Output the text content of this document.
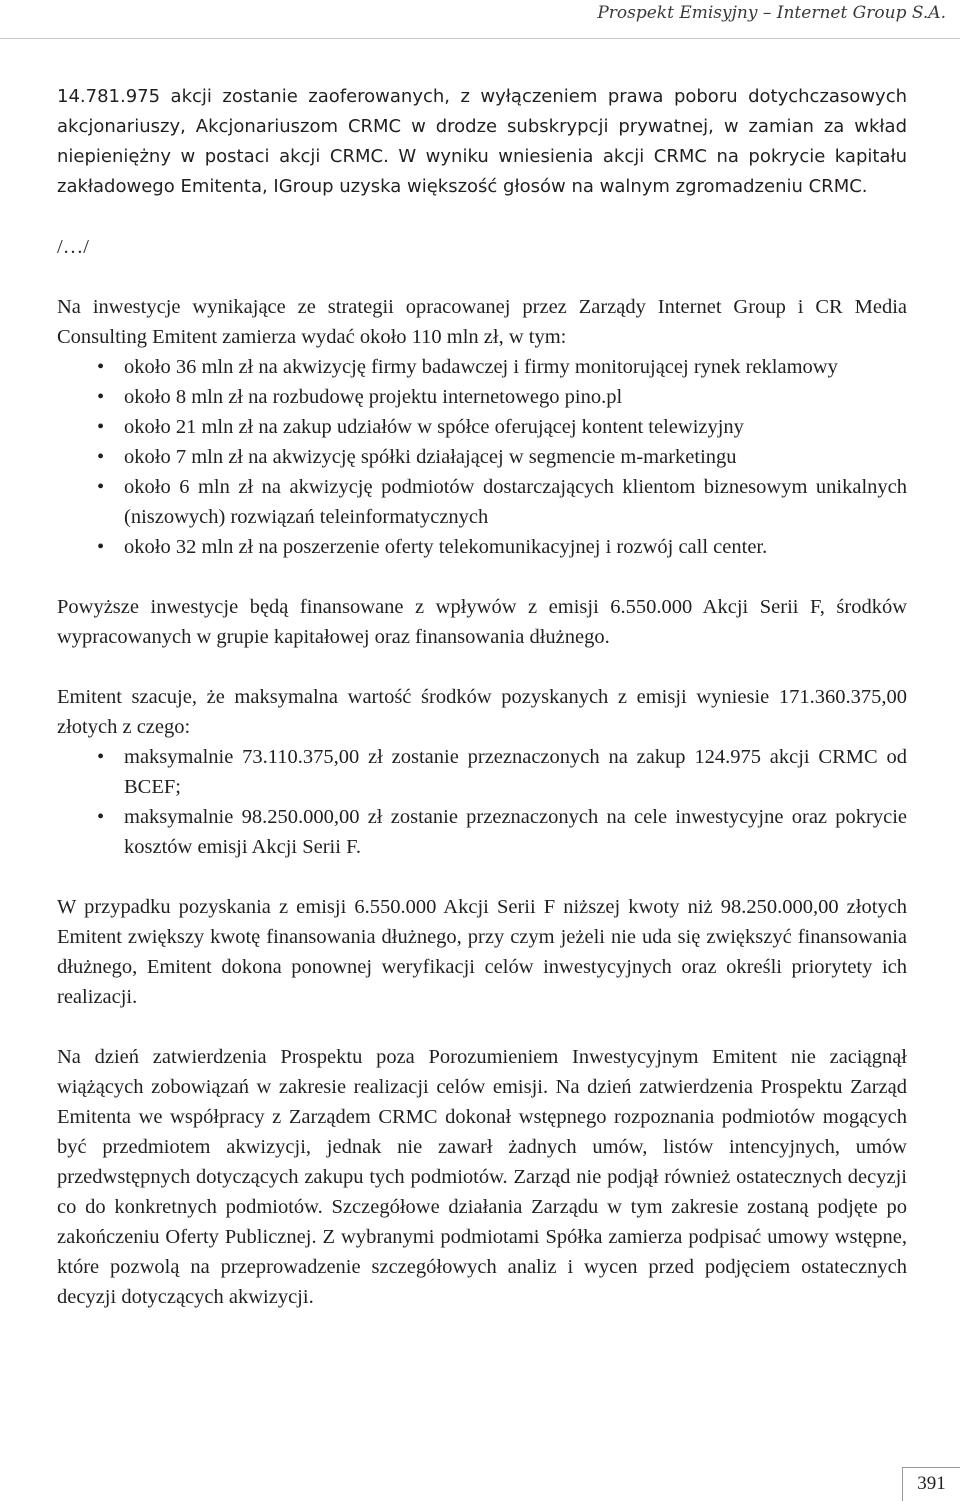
Prospekt Emisyjny – Internet Group S.A.

14.781.975 akcji zostanie zaoferowanych, z wyłączeniem prawa poboru dotychczasowych akcjonariuszy, Akcjonariuszom CRMC w drodze subskrypcji prywatnej, w zamian za wkład niepieniężny w postaci akcji CRMC. W wyniku wniesienia akcji CRMC na pokrycie kapitału zakładowego Emitenta, IGroup uzyska większość głosów na walnym zgromadzeniu CRMC.

/…/

Na inwestycje wynikające ze strategii opracowanej przez Zarządy Internet Group i CR Media Consulting Emitent zamierza wydać około 110 mln zł, w tym:

• około 36 mln zł na akwizycję firmy badawczej i firmy monitorującej rynek reklamowy
• około 8 mln zł na rozbudowę projektu internetowego pino.pl
• około 21 mln zł na zakup udziałów w spółce oferującej kontent telewizyjny
• około 7 mln zł na akwizycję spółki działającej w segmencie m-marketingu
• około 6 mln zł na akwizycję podmiotów dostarczających klientom biznesowym unikalnych (niszowych) rozwiązań teleinformatycznych
• około 32 mln zł na poszerzenie oferty telekomunikacyjnej i rozwój call center.

Powyższe inwestycje będą finansowane z wpływów z emisji 6.550.000 Akcji Serii F, środków wypracowanych w grupie kapitałowej oraz finansowania dłużnego.

Emitent szacuje, że maksymalna wartość środków pozyskanych z emisji wyniesie 171.360.375,00 złotych z czego:

• maksymalnie 73.110.375,00 zł zostanie przeznaczonych na zakup 124.975 akcji CRMC od BCEF;
• maksymalnie 98.250.000,00 zł zostanie przeznaczonych na cele inwestycyjne oraz pokrycie kosztów emisji Akcji Serii F.

W przypadku pozyskania z emisji 6.550.000 Akcji Serii F niższej kwoty niż 98.250.000,00 złotych Emitent zwiększy kwotę finansowania dłużnego, przy czym jeżeli nie uda się zwiększyć finansowania dłużnego, Emitent dokona ponownej weryfikacji celów inwestycyjnych oraz określi priorytety ich realizacji.

Na dzień zatwierdzenia Prospektu poza Porozumieniem Inwestycyjnym Emitent nie zaciągnął wiążących zobowiązań w zakresie realizacji celów emisji. Na dzień zatwierdzenia Prospektu Zarząd Emitenta we współpracy z Zarządem CRMC dokonał wstępnego rozpoznania podmiotów mogących być przedmiotem akwizycji, jednak nie zawarł żadnych umów, listów intencyjnych, umów przedwstępnych dotyczących zakupu tych podmiotów. Zarząd nie podjął również ostatecznych decyzji co do konkretnych podmiotów. Szczegółowe działania Zarządu w tym zakresie zostaną podjęte po zakończeniu Oferty Publicznej. Z wybranymi podmiotami Spółka zamierza podpisać umowy wstępne, które pozwolą na przeprowadzenie szczegółowych analiz i wycen przed podjęciem ostatecznych decyzji dotyczących akwizycji.

391
